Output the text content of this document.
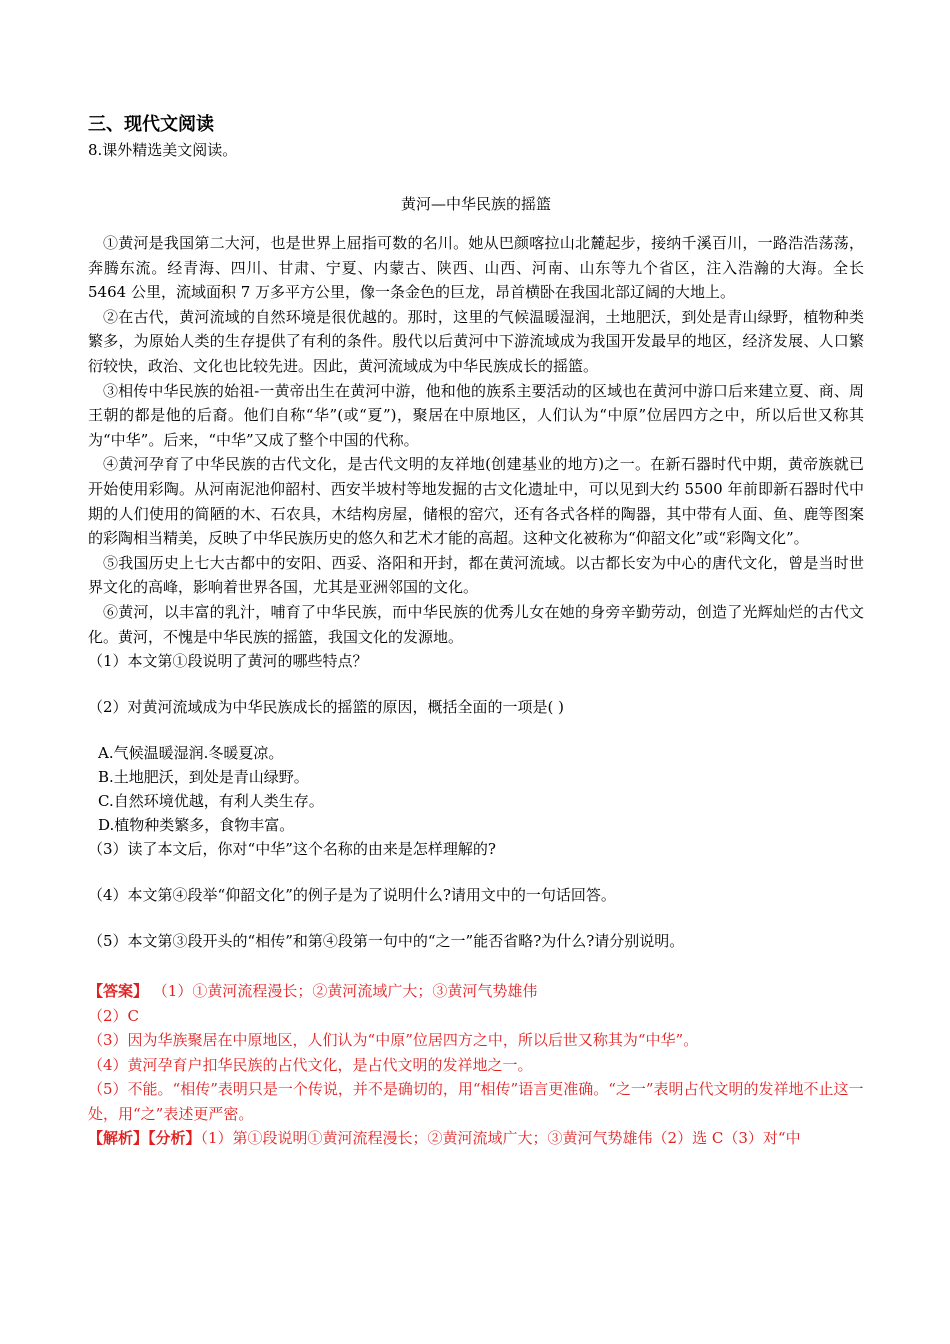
三、现代文阅读

8.课外精选美文阅读。

黄河—中华民族的摇篮

①黄河是我国第二大河，也是世界上屈指可数的名川。她从巴颜喀拉山北麓起步，接纳千溪百川，一路浩浩荡荡，奔腾东流。经青海、四川、甘肃、宁夏、内蒙古、陕西、山西、河南、山东等九个省区，注入浩瀚的大海。全长 5464 公里，流域面积 7 万多平方公里，像一条金色的巨龙，昂首横卧在我国北部辽阔的大地上。

②在古代，黄河流域的自然环境是很优越的。那时，这里的气候温暖湿润，土地肥沃，到处是青山绿野，植物种类繁多，为原始人类的生存提供了有利的条件。殷代以后黄河中下游流域成为我国开发最早的地区，经济发展、人口繁衍较快，政治、文化也比较先进。因此，黄河流域成为中华民族成长的摇篮。

③相传中华民族的始祖-一黄帝出生在黄河中游，他和他的族系主要活动的区域也在黄河中游口后来建立夏、商、周王朝的都是他的后裔。他们自称“华”(或“夏”)，聚居在中原地区，人们认为“中原”位居四方之中，所以后世又称其为“中华”。后来，“中华”又成了整个中国的代称。

④黄河孕育了中华民族的古代文化，是古代文明的友祥地(创建基业的地方)之一。在新石器时代中期，黄帝族就已开始使用彩陶。从河南泥池仰韶村、西安半坡村等地发掘的古文化遗址中，可以见到大约 5500 年前即新石器时代中期的人们使用的简陋的木、石农具，木结构房屋，储根的窑穴，还有各式各样的陶器，其中带有人面、鱼、鹿等图案的彩陶相当精美，反映了中华民族历史的悠久和艺术才能的高超。这种文化被称为“仰韶文化”或“彩陶文化”。

⑤我国历史上七大古都中的安阳、西妥、洛阳和开封，都在黄河流域。以古都长安为中心的唐代文化，曾是当时世界文化的高峰，影响着世界各国，尤其是亚洲邻国的文化。

⑥黄河，以丰富的乳汁，哺育了中华民族，而中华民族的优秀儿女在她的身旁辛勤劳动，创造了光辉灿烂的古代文化。黄河，不愧是中华民族的摇篮，我国文化的发源地。

（1）本文第①段说明了黄河的哪些特点？

（2）对黄河流域成为中华民族成长的摇篮的原因，概括全面的一项是( )

A.气候温暖湿润.冬暖夏凉。

B.土地肥沃，到处是青山绿野。

C.自然环境优越，有利人类生存。

D.植物种类繁多，食物丰富。

（3）读了本文后，你对“中华”这个名称的由来是怎样理解的?

（4）本文第④段举“仰韶文化”的例子是为了说明什么?请用文中的一句话回答。

（5）本文第③段开头的“相传”和第④段第一句中的“之一”能否省略?为什么?请分别说明。

【答案】 （1）①黄河流程漫长；②黄河流域广大；③黄河气势雄伟

（2）C

（3）因为华族聚居在中原地区，人们认为“中原”位居四方之中，所以后世又称其为“中华”。

（4）黄河孕育户扣华民族的占代文化，是占代文明的发祥地之一。

（5）不能。“相传”表明只是一个传说，并不是确切的，用“相传”语言更准确。“之一”表明占代文明的发祥地不止这一处，用“之”表述更严密。

【解析】【分析】（1）第①段说明①黄河流程漫长；②黄河流域广大；③黄河气势雄伟（2）选 C（3）对“中
